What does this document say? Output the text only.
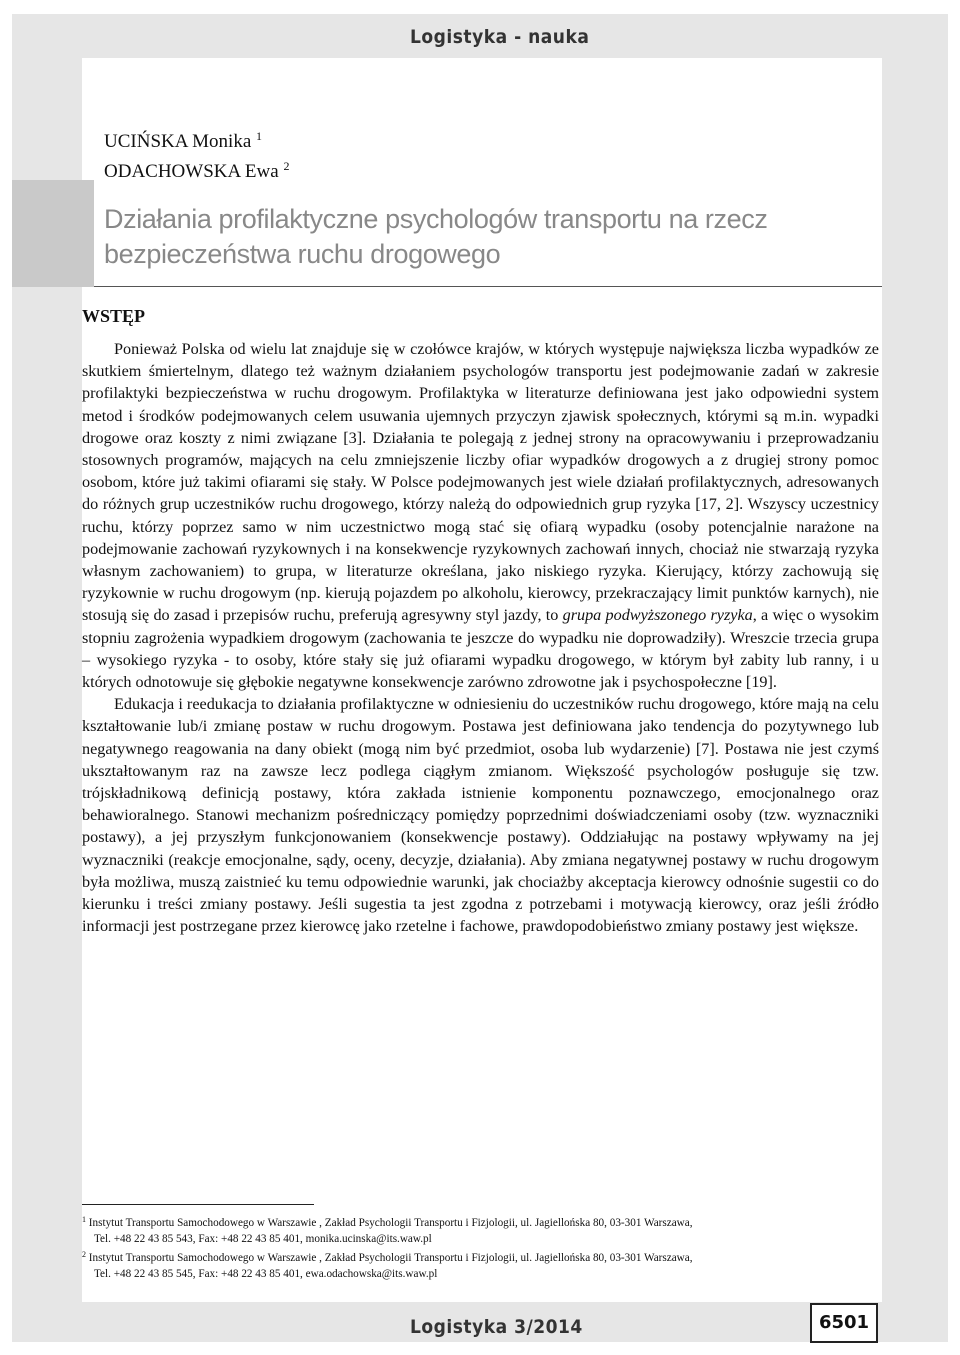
Logistyka - nauka
UCIŃSKA Monika $^1$
ODACHOWSKA Ewa $^2$
Działania profilaktyczne psychologów transportu na rzecz bezpieczeństwa ruchu drogowego
WSTĘP

Ponieważ Polska od wielu lat znajduje się w czołówce krajów, w których występuje największa liczba wypadków ze skutkiem śmiertelnym, dlatego też ważnym działaniem psychologów transportu jest podejmowanie zadań w zakresie profilaktyki bezpieczeństwa w ruchu drogowym. Profilaktyka w literaturze definiowana jest jako odpowiedni system metod i środków podejmowanych celem usuwania ujemnych przyczyn zjawisk społecznych, którymi są m.in. wypadki drogowe oraz koszty z nimi związane [3]. Działania te polegają z jednej strony na opracowywaniu i przeprowadzaniu stosownych programów, mających na celu zmniejszenie liczby ofiar wypadków drogowych a z drugiej strony pomoc osobom, które już takimi ofiarami się stały. W Polsce podejmowanych jest wiele działań profilaktycznych, adresowanych do różnych grup uczestników ruchu drogowego, którzy należą do odpowiednich grup ryzyka [17, 2]. Wszyscy uczestnicy ruchu, którzy poprzez samo w nim uczestnictwo mogą stać się ofiarą wypadku (osoby potencjalnie narażone na podejmowanie zachowań ryzykownych i na konsekwencje ryzykownych zachowań innych, chociaż nie stwarzają ryzyka własnym zachowaniem) to grupa, w literaturze określana, jako niskiego ryzyka. Kierujący, którzy zachowują się ryzykownie w ruchu drogowym (np. kierują pojazdem po alkoholu, kierowcy, przekraczający limit punktów karnych), nie stosują się do zasad i przepisów ruchu, preferują agresywny styl jazdy, to grupa podwyższonego ryzyka, a więc o wysokim stopniu zagrożenia wypadkiem drogowym (zachowania te jeszcze do wypadku nie doprowadziły). Wreszcie trzecia grupa – wysokiego ryzyka - to osoby, które stały się już ofiarami wypadku drogowego, w którym był zabity lub ranny, i u których odnotowuje się głębokie negatywne konsekwencje zarówno zdrowotne jak i psychospołeczne [19].

Edukacja i reedukacja to działania profilaktyczne w odniesieniu do uczestników ruchu drogowego, które mają na celu kształtowanie lub/i zmianę postaw w ruchu drogowym. Postawa jest definiowana jako tendencja do pozytywnego lub negatywnego reagowania na dany obiekt (mogą nim być przedmiot, osoba lub wydarzenie) [7]. Postawa nie jest czymś ukształtowanym raz na zawsze lecz podlega ciągłym zmianom. Większość psychologów posługuje się tzw. trójskładnikową definicją postawy, która zakłada istnienie komponentu poznawczego, emocjonalnego oraz behawioralnego. Stanowi mechanizm pośredniczący pomiędzy poprzednimi doświadczeniami osoby (tzw. wyznaczniki postawy), a jej przyszłym funkcjonowaniem (konsekwencje postawy). Oddziałując na postawy wpływamy na jej wyznaczniki (reakcje emocjonalne, sądy, oceny, decyzje, działania). Aby zmiana negatywnej postawy w ruchu drogowym była możliwa, muszą zaistnieć ku temu odpowiednie warunki, jak chociażby akceptacja kierowcy odnośnie sugestii co do kierunku i treści zmiany postawy. Jeśli sugestia ta jest zgodna z potrzebami i motywacją kierowcy, oraz jeśli źródło informacji jest postrzegane przez kierowcę jako rzetelne i fachowe, prawdopodobieństwo zmiany postawy jest większe.

$^1$ Instytut Transportu Samochodowego w Warszawie , Zakład Psychologii Transportu i Fizjologii, ul. Jagiellońska 80, 03-301 Warszawa,
Tel. +48 22 43 85 543, Fax: +48 22 43 85 401, monika.ucinska@its.waw.pl
$^2$ Instytut Transportu Samochodowego w Warszawie , Zakład Psychologii Transportu i Fizjologii, ul. Jagiellońska 80, 03-301 Warszawa,
Tel. +48 22 43 85 545, Fax: +48 22 43 85 401, ewa.odachowska@its.waw.pl
Logistyka 3/2014	6501
